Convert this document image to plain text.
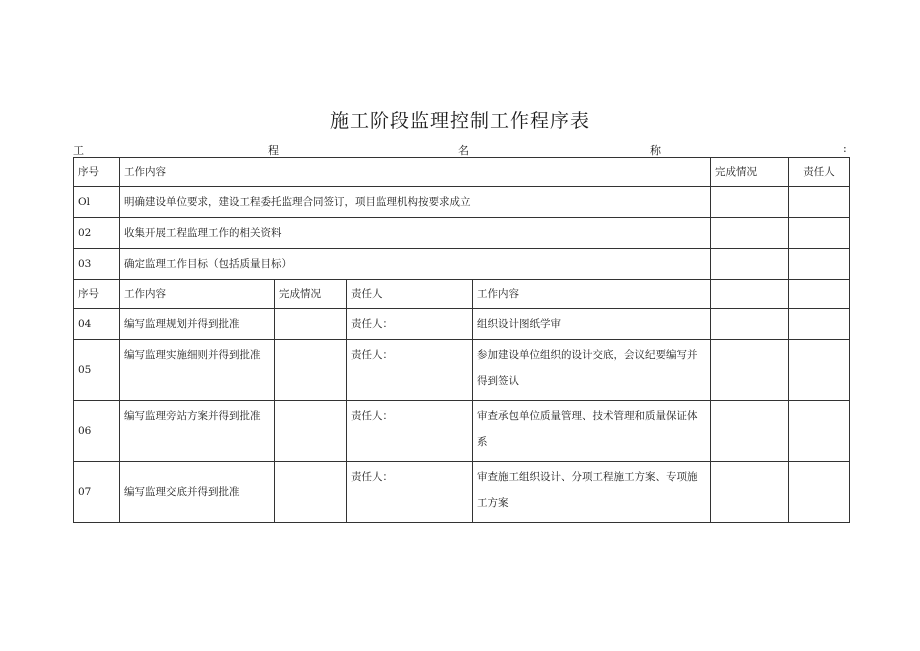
施工阶段监理控制工作程序表
工	程	名	称	:
序号	工作内容				完成情况	责任人
Ol	明确建设单位要求，建设工程委托监理合同签订，项目监理机构按要求成立					
02	收集开展工程监理工作的相关资料					
03	确定监理工作目标（包括质量目标）					
序号	工作内容	完成情况	责任人	工作内容		
04	编写监理规划并得到批准		责任人：	组织设计图纸学审		
05	编写监理实施细则并得到批准		责任人：	参加建设单位组织的设计交底，会议纪要编写并得到签认		
06	编写监理旁站方案并得到批准		责任人：	审查承包单位质量管理、技术管理和质量保证体系		
07	编写监理交底并得到批准		责任人：	审查施工组织设计、分项工程施工方案、专项施工方案		
